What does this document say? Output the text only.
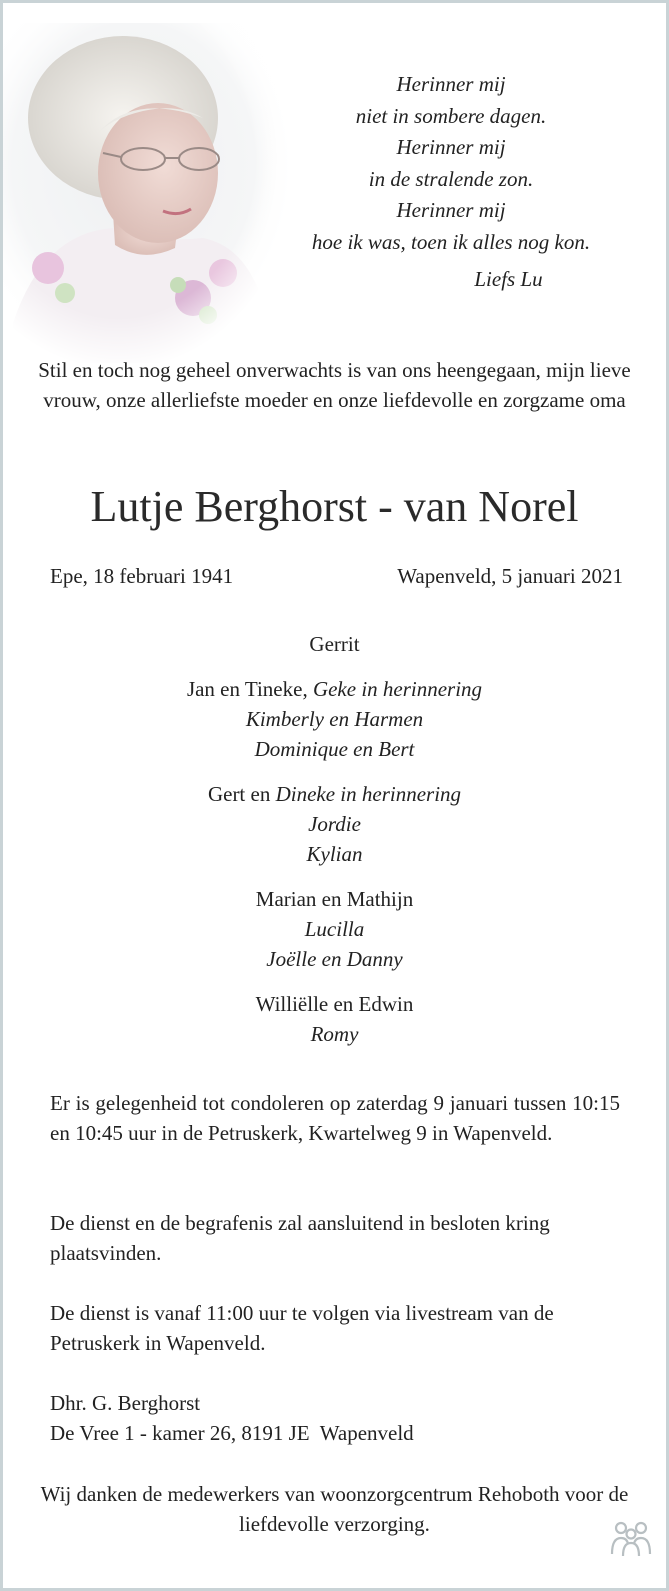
Herinner mij
niet in sombere dagen.
Herinner mij
in de stralende zon.
Herinner mij
hoe ik was, toen ik alles nog kon.
Liefs Lu
Stil en toch nog geheel onverwachts is van ons heengegaan, mijn lieve vrouw, onze allerliefste moeder en onze liefdevolle en zorgzame oma
Lutje Berghorst - van Norel
Epe, 18 februari 1941	Wapenveld, 5 januari 2021
Gerrit
Jan en Tineke, Geke in herinnering
Kimberly en Harmen
Dominique en Bert
Gert en Dineke in herinnering
Jordie
Kylian
Marian en Mathijn
Lucilla
Joëlle en Danny
Williëlle en Edwin
Romy
Er is gelegenheid tot condoleren op zaterdag 9 januari tussen 10:15 en 10:45 uur in de Petruskerk, Kwartelweg 9 in Wapenveld.
De dienst en de begrafenis zal aansluitend in besloten kring plaatsvinden.
De dienst is vanaf 11:00 uur te volgen via livestream van de Petruskerk in Wapenveld.
Dhr. G. Berghorst
De Vree 1 - kamer 26, 8191 JE  Wapenveld
Wij danken de medewerkers van woonzorgcentrum Rehoboth voor de liefdevolle verzorging.
